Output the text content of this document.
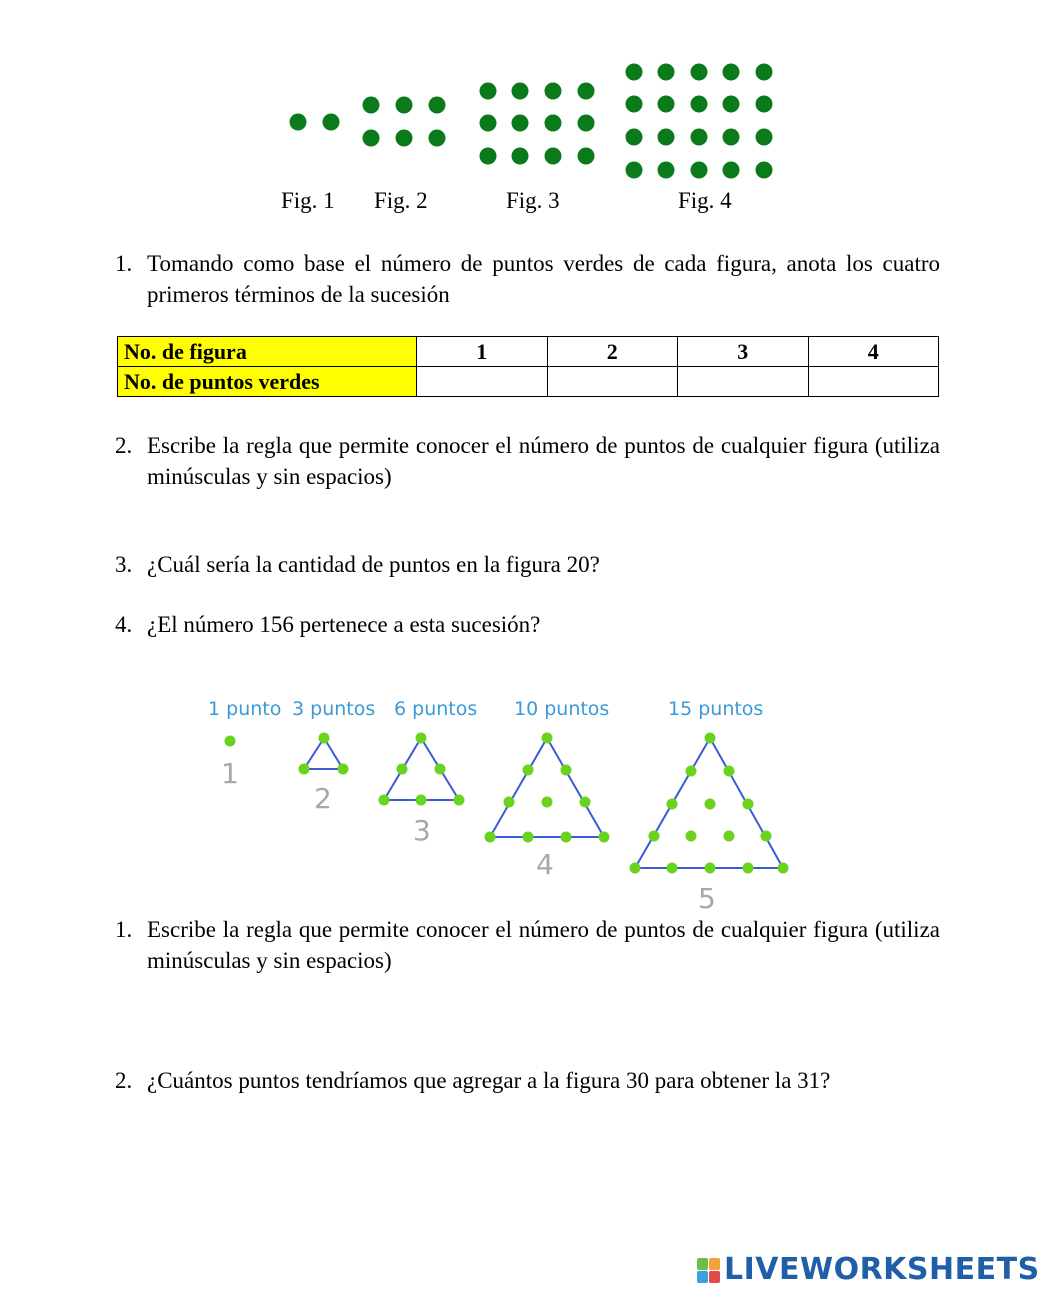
Fig. 1 Fig. 2	Fig. 3	Fig. 4
1. Tomando como base el número de puntos verdes de cada figura, anota los cuatro primeros términos de la sucesión
No. de figura	1	2	3	4
No. de puntos verdes				
2. Escribe la regla que permite conocer el número de puntos de cualquier figura (utiliza minúsculas y sin espacios)
3. ¿Cuál sería la cantidad de puntos en la figura 20?
4. ¿El número 156 pertenece a esta sucesión?
1 punto 3 puntos 6 puntos 10 puntos	15 puntos
1
2
3
4
5
1. Escribe la regla que permite conocer el número de puntos de cualquier figura (utiliza minúsculas y sin espacios)
2. ¿Cuántos puntos tendríamos que agregar a la figura 30 para obtener la 31?
LIVEWORKSHEETS
